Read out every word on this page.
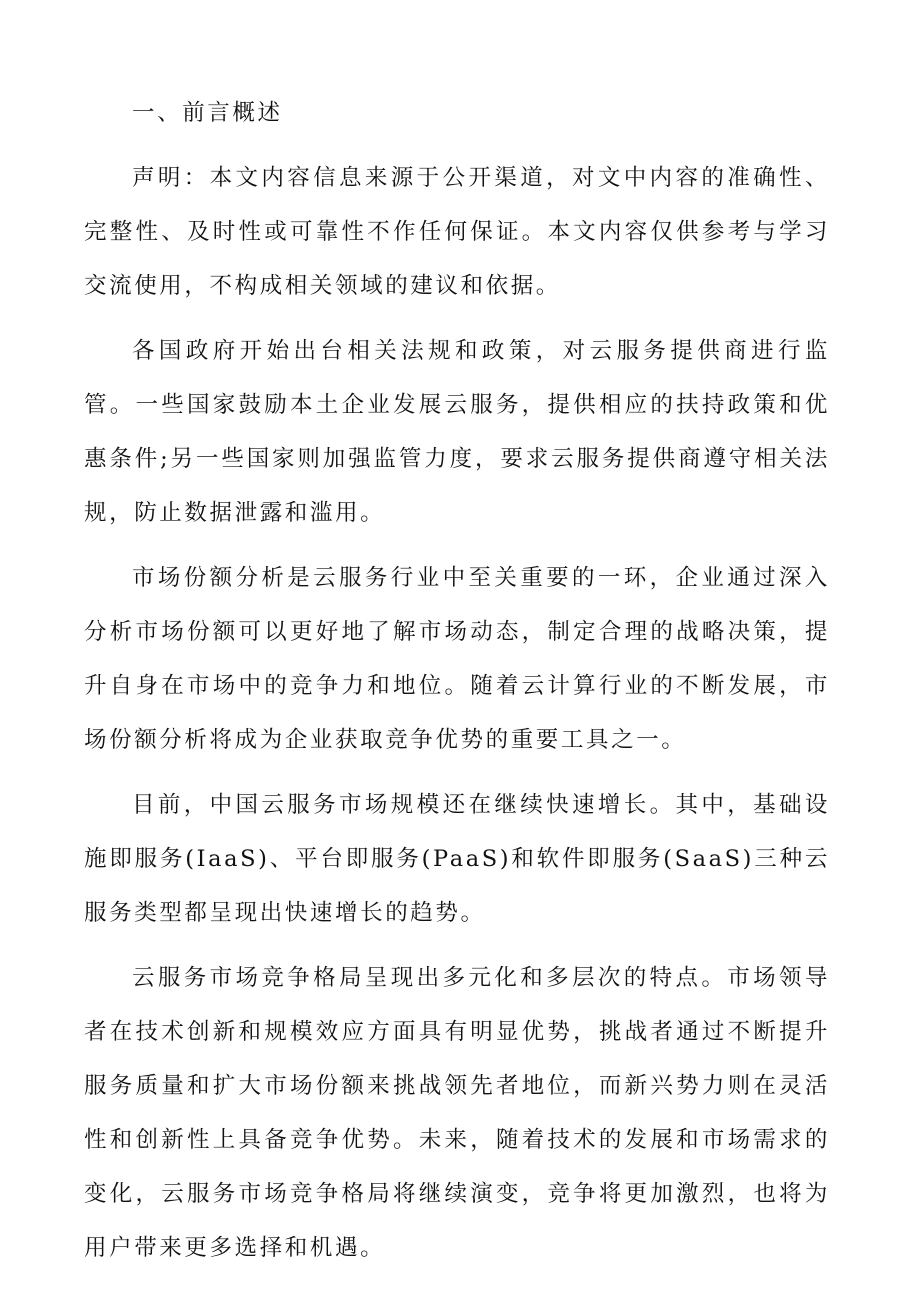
一、前言概述

声明：本文内容信息来源于公开渠道，对文中内容的准确性、完整性、及时性或可靠性不作任何保证。本文内容仅供参考与学习交流使用，不构成相关领域的建议和依据。

各国政府开始出台相关法规和政策，对云服务提供商进行监管。一些国家鼓励本土企业发展云服务，提供相应的扶持政策和优惠条件;另一些国家则加强监管力度，要求云服务提供商遵守相关法规，防止数据泄露和滥用。

市场份额分析是云服务行业中至关重要的一环，企业通过深入分析市场份额可以更好地了解市场动态，制定合理的战略决策，提升自身在市场中的竞争力和地位。随着云计算行业的不断发展，市场份额分析将成为企业获取竞争优势的重要工具之一。

目前，中国云服务市场规模还在继续快速增长。其中，基础设施即服务(IaaS)、平台即服务(PaaS)和软件即服务(SaaS)三种云服务类型都呈现出快速增长的趋势。

云服务市场竞争格局呈现出多元化和多层次的特点。市场领导者在技术创新和规模效应方面具有明显优势，挑战者通过不断提升服务质量和扩大市场份额来挑战领先者地位，而新兴势力则在灵活性和创新性上具备竞争优势。未来，随着技术的发展和市场需求的变化，云服务市场竞争格局将继续演变，竞争将更加激烈，也将为用户带来更多选择和机遇。
